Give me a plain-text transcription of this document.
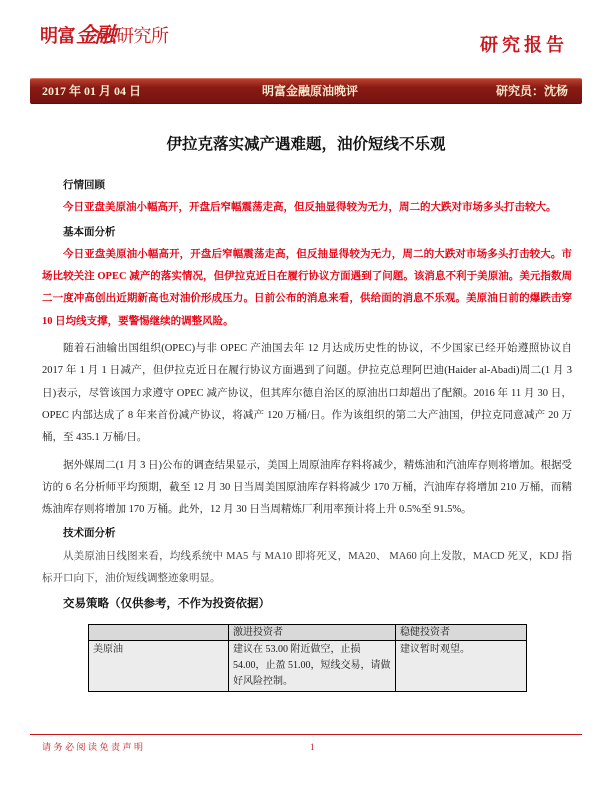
明富金融 研究所	研究报告
2017 年 01 月 04 日	明富金融原油晚评	研究员：沈杨
伊拉克落实减产遇难题，油价短线不乐观
行情回顾

今日亚盘美原油小幅高开，开盘后窄幅震荡走高，但反抽显得较为无力，周二的大跌对市场多头打击较大。

基本面分析

今日亚盘美原油小幅高开，开盘后窄幅震荡走高，但反抽显得较为无力，周二的大跌对市场多头打击较大。市场比较关注 OPEC 减产的落实情况，但伊拉克近日在履行协议方面遇到了问题。该消息不利于美原油。美元指数周二一度冲高创出近期新高也对油价形成压力。日前公布的消息来看，供给面的消息不乐观。美原油日前的爆跌击穿 10 日均线支撑，要警惕继续的调整风险。

随着石油输出国组织(OPEC)与非 OPEC 产油国去年 12 月达成历史性的协议，不少国家已经开始遵照协议自 2017 年 1 月 1 日减产，但伊拉克近日在履行协议方面遇到了问题。伊拉克总理阿巴迪(Haider al-Abadi)周二(1 月 3 日)表示，尽管该国力求遵守 OPEC 减产协议，但其库尔德自治区的原油出口却超出了配额。2016 年 11 月 30 日，OPEC 内部达成了 8 年来首份减产协议，将减产 120 万桶/日。作为该组织的第二大产油国，伊拉克同意减产 20 万桶，至 435.1 万桶/日。

据外媒周二(1 月 3 日)公布的调查结果显示，美国上周原油库存料将减少，精炼油和汽油库存则将增加。根据受访的 6 名分析师平均预期，截至 12 月 30 日当周美国原油库存料将减少 170 万桶，汽油库存将增加 210 万桶，而精炼油库存则将增加 170 万桶。此外，12 月 30 日当周精炼厂利用率预计将上升 0.5%至 91.5%。

技术面分析

从美原油日线图来看，均线系统中 MA5 与 MA10 即将死叉，MA20、 MA60 向上发散，MACD 死叉，KDJ 指标开口向下，油价短线调整迹象明显。

交易策略（仅供参考，不作为投资依据）
	激进投资者	稳健投资者
美原油	建议在 53.00 附近做空，止损 54.00，止盈 51.00，短线交易，请做好风险控制。	建议暂时观望。
请务必阅读免责声明	1
